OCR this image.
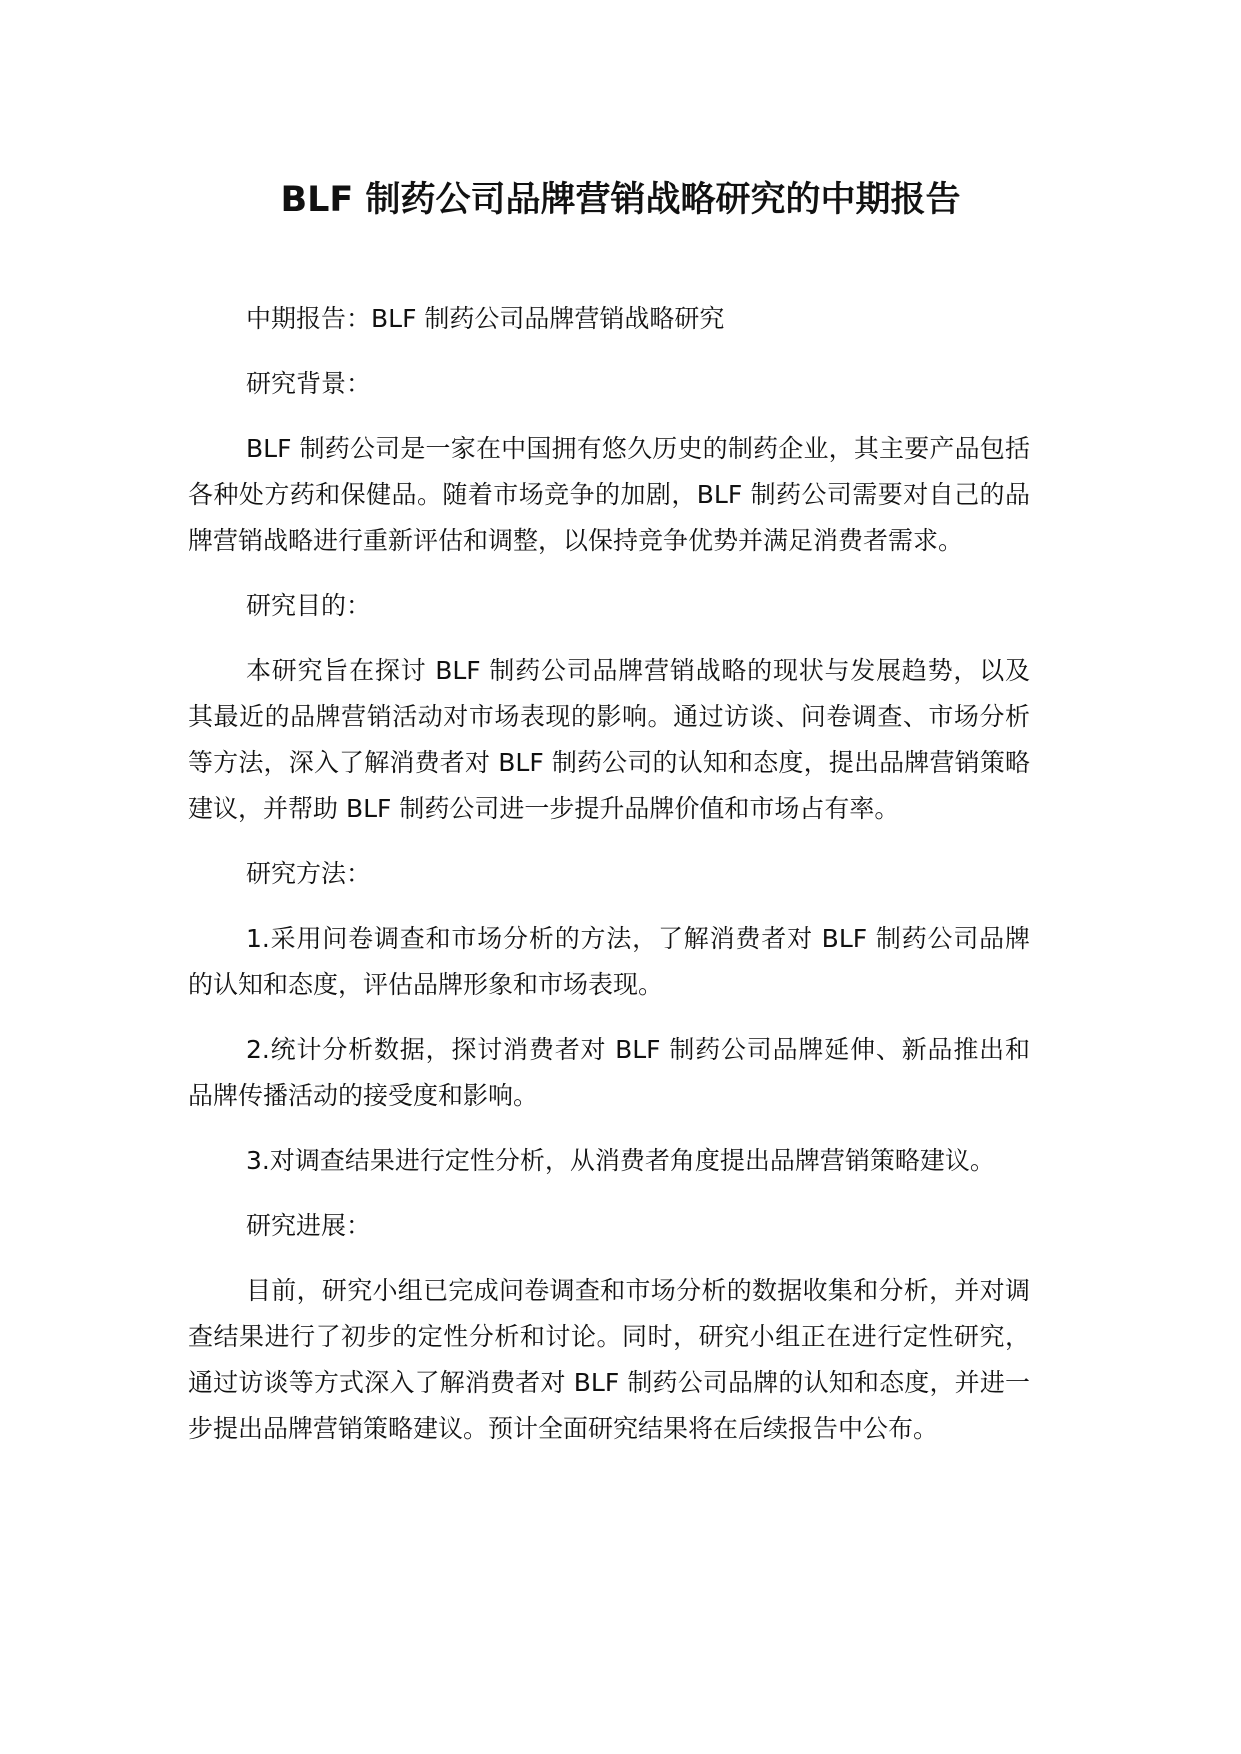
BLF 制药公司品牌营销战略研究的中期报告

中期报告：BLF 制药公司品牌营销战略研究

研究背景：

BLF 制药公司是一家在中国拥有悠久历史的制药企业，其主要产品包括各种处方药和保健品。随着市场竞争的加剧，BLF 制药公司需要对自己的品牌营销战略进行重新评估和调整，以保持竞争优势并满足消费者需求。

研究目的：

本研究旨在探讨 BLF 制药公司品牌营销战略的现状与发展趋势，以及其最近的品牌营销活动对市场表现的影响。通过访谈、问卷调查、市场分析等方法，深入了解消费者对 BLF 制药公司的认知和态度，提出品牌营销策略建议，并帮助 BLF 制药公司进一步提升品牌价值和市场占有率。

研究方法：

1.采用问卷调查和市场分析的方法，了解消费者对 BLF 制药公司品牌的认知和态度，评估品牌形象和市场表现。

2.统计分析数据，探讨消费者对 BLF 制药公司品牌延伸、新品推出和品牌传播活动的接受度和影响。

3.对调查结果进行定性分析，从消费者角度提出品牌营销策略建议。

研究进展：

目前，研究小组已完成问卷调查和市场分析的数据收集和分析，并对调查结果进行了初步的定性分析和讨论。同时，研究小组正在进行定性研究，通过访谈等方式深入了解消费者对 BLF 制药公司品牌的认知和态度，并进一步提出品牌营销策略建议。预计全面研究结果将在后续报告中公布。
